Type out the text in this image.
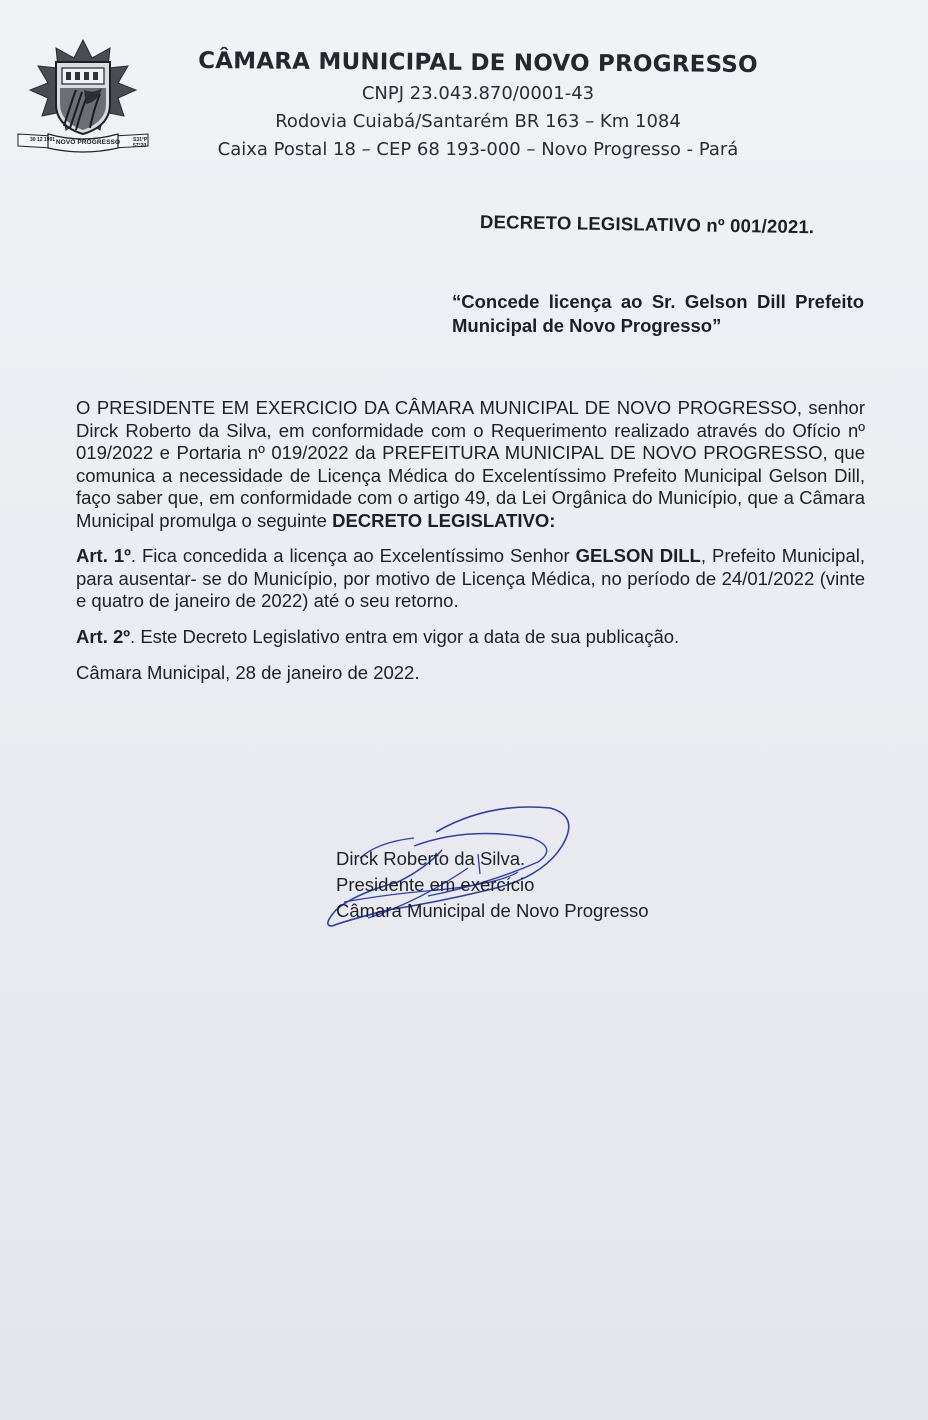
30 12 1991 NOVO PROGRESSO	S31°P 57°20
CÂMARA MUNICIPAL DE NOVO PROGRESSO
CNPJ 23.043.870/0001-43
Rodovia Cuiabá/Santarém BR 163 – Km 1084
Caixa Postal 18 – CEP 68 193-000 – Novo Progresso - Pará
DECRETO LEGISLATIVO nº 001/2021.
“Concede licença ao Sr. Gelson Dill Prefeito Municipal de Novo Progresso”

O PRESIDENTE EM EXERCICIO DA CÂMARA MUNICIPAL DE NOVO PROGRESSO, senhor Dirck Roberto da Silva, em conformidade com o Requerimento realizado através do Ofício nº 019/2022 e Portaria nº 019/2022 da PREFEITURA MUNICIPAL DE NOVO PROGRESSO, que comunica a necessidade de Licença Médica do Excelentíssimo Prefeito Municipal Gelson Dill, faço saber que, em conformidade com o artigo 49, da Lei Orgânica do Município, que a Câmara Municipal promulga o seguinte DECRETO LEGISLATIVO:

Art. 1º. Fica concedida a licença ao Excelentíssimo Senhor GELSON DILL, Prefeito Municipal, para ausentar- se do Município, por motivo de Licença Médica, no período de 24/01/2022 (vinte e quatro de janeiro de 2022) até o seu retorno.

Art. 2º. Este Decreto Legislativo entra em vigor a data de sua publicação.

Câmara Municipal, 28 de janeiro de 2022.

Dirck Roberto da Silva.
Presidente em exercício
Câmara Municipal de Novo Progresso
